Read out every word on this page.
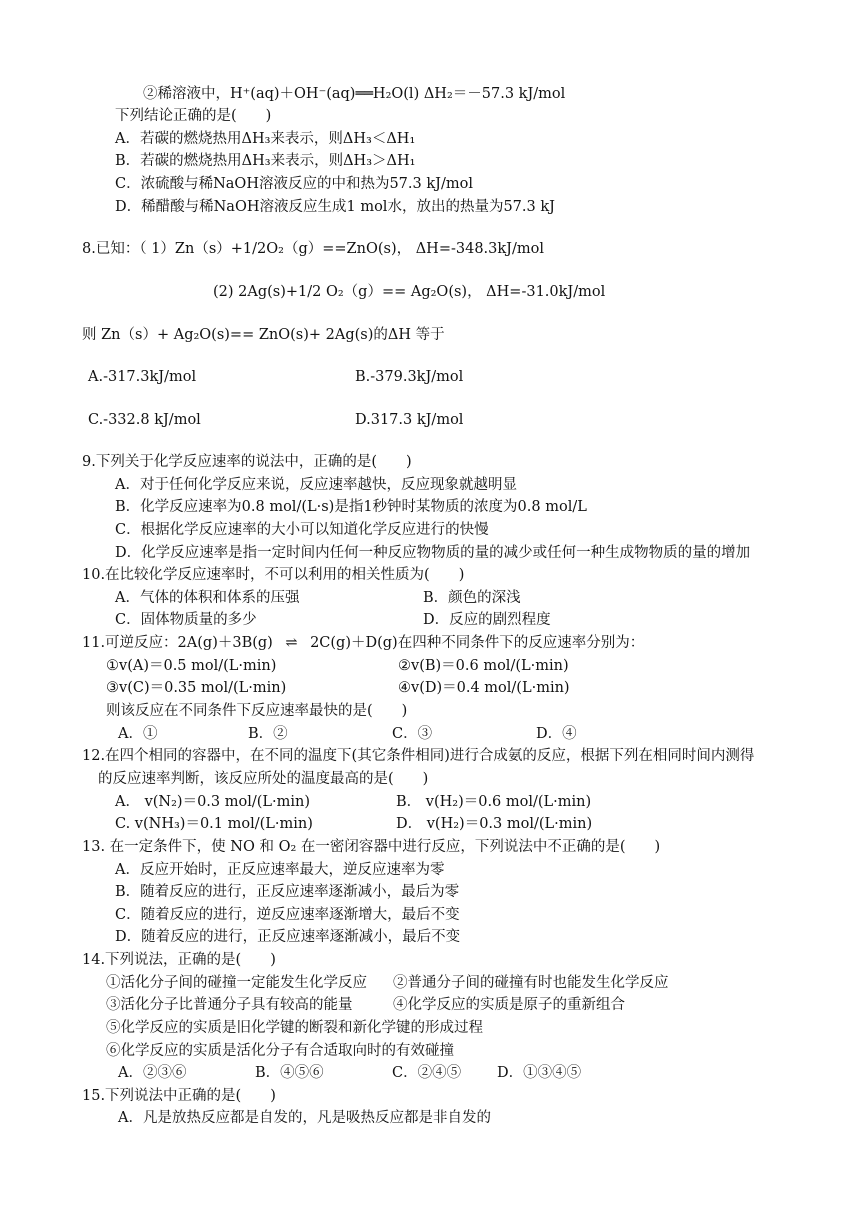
②稀溶液中，H⁺(aq)＋OH⁻(aq)══H₂O(l) ΔH₂＝－57.3 kJ/mol
下列结论正确的是(　　)
A．若碳的燃烧热用ΔH₃来表示，则ΔH₃＜ΔH₁
B．若碳的燃烧热用ΔH₃来表示，则ΔH₃＞ΔH₁
C．浓硫酸与稀NaOH溶液反应的中和热为57.3 kJ/mol
D．稀醋酸与稀NaOH溶液反应生成1 mol水，放出的热量为57.3 kJ
8.已知：（ 1）Zn（s）+1/2O₂（g）==ZnO(s)， ΔH=-348.3kJ/mol
(2) 2Ag(s)+1/2 O₂（g）== Ag₂O(s)， ΔH=-31.0kJ/mol
则 Zn（s）+ Ag₂O(s)== ZnO(s)+ 2Ag(s)的ΔH 等于
A.-317.3kJ/mol	B.-379.3kJ/mol
C.-332.8 kJ/mol	D.317.3 kJ/mol
9.下列关于化学反应速率的说法中，正确的是(　　)
A．对于任何化学反应来说，反应速率越快，反应现象就越明显
B．化学反应速率为0.8 mol/(L·s)是指1秒钟时某物质的浓度为0.8 mol/L
C．根据化学反应速率的大小可以知道化学反应进行的快慢
D．化学反应速率是指一定时间内任何一种反应物物质的量的减少或任何一种生成物物质的量的增加
10.在比较化学反应速率时，不可以利用的相关性质为(　　)
A．气体的体积和体系的压强	B．颜色的深浅
C．固体物质量的多少	D．反应的剧烈程度
11.可逆反应：2A(g)＋3B(g) ⇌ 2C(g)＋D(g)在四种不同条件下的反应速率分别为：
①v(A)＝0.5 mol/(L·min)	②v(B)＝0.6 mol/(L·min)
③v(C)＝0.35 mol/(L·min)	④v(D)＝0.4 mol/(L·min)
则该反应在不同条件下反应速率最快的是(　　)
A．①	B．②	C．③	D．④
12.在四个相同的容器中，在不同的温度下(其它条件相同)进行合成氨的反应，根据下列在相同时间内测得
的反应速率判断，该反应所处的温度最高的是(　　)
A． v(N₂)＝0.3 mol/(L·min)	B． v(H₂)＝0.6 mol/(L·min)
C. v(NH₃)＝0.1 mol/(L·min)	D． v(H₂)＝0.3 mol/(L·min)
13. 在一定条件下，使 NO 和 O₂ 在一密闭容器中进行反应，下列说法中不正确的是(　　)
A．反应开始时，正反应速率最大，逆反应速率为零
B．随着反应的进行，正反应速率逐渐减小，最后为零
C．随着反应的进行，逆反应速率逐渐增大，最后不变
D．随着反应的进行，正反应速率逐渐减小，最后不变
14.下列说法，正确的是(　　)
①活化分子间的碰撞一定能发生化学反应 ②普通分子间的碰撞有时也能发生化学反应
③活化分子比普通分子具有较高的能量	④化学反应的实质是原子的重新组合
⑤化学反应的实质是旧化学键的断裂和新化学键的形成过程
⑥化学反应的实质是活化分子有合适取向时的有效碰撞
A．②③⑥	B．④⑤⑥	C．②④⑤ D．①③④⑤
15.下列说法中正确的是(　　)
A．凡是放热反应都是自发的，凡是吸热反应都是非自发的
